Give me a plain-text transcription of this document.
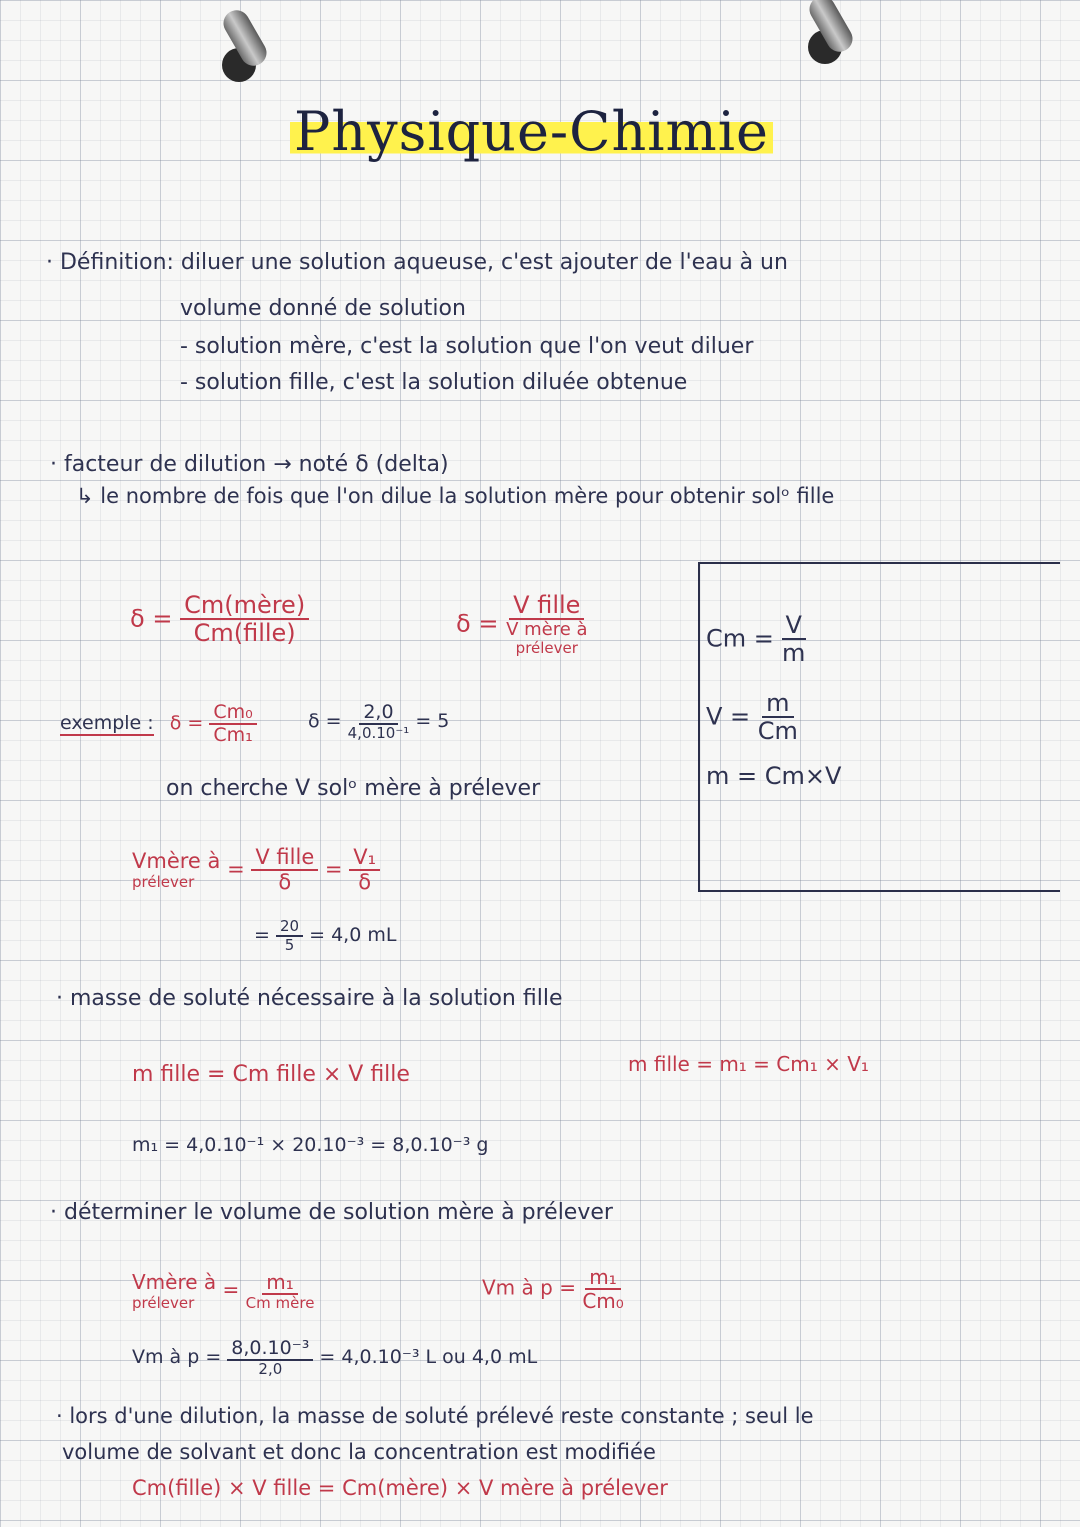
Physique-Chimie
· Définition: diluer une solution aqueuse, c'est ajouter de l'eau à un
volume donné de solution
- solution mère, c'est la solution que l'on veut diluer
- solution fille, c'est la solution diluée obtenue
· facteur de dilution → noté δ (delta)
↳ le nombre de fois que l'on dilue la solution mère pour obtenir solᵒ fille
$\delta = \frac{\text{Cm(mère)}}{\text{Cm(fille)}}$	δ =
V fille
V mère à
prélever	$Cm = \frac{V}{m}$
$V = \frac{m}{Cm}$
m = Cm×V
exemple : $\delta = \frac{\text{Cm₀}}{\text{Cm₁}}$	$\delta = \frac{2,0}{\text{4,0.10⁻¹}} = 5$
on cherche V solᵒ mère à prélever
Vmère à
prélever
= $\frac{\text{V fille}}{\delta} = \frac{\text{V₁}}{\delta}$
= $\frac{20}{5} = 4,0$ mL
· masse de soluté nécessaire à la solution fille
m fille = Cm fille × V fille	m fille = m₁ = Cm₁ × V₁
m₁ = 4,0.10⁻¹ × 20.10⁻³ = 8,0.10⁻³ g
· déterminer le volume de solution mère à prélever
Vmère à
prélever
= $\frac{\text{m₁}}{\text{Cm mère}}$	Vm à $p = \frac{\text{m₁}}{\text{Cm₀}}$
Vm à $p = \frac{\text{8,0.10⁻³}}{2,0} = 4,0.10^{-3}$ L ou 4,0 mL
· lors d'une dilution, la masse de soluté prélevé reste constante ; seul le
volume de solvant et donc la concentration est modifiée
Cm(fille) × V fille = Cm(mère) × V mère à prélever
